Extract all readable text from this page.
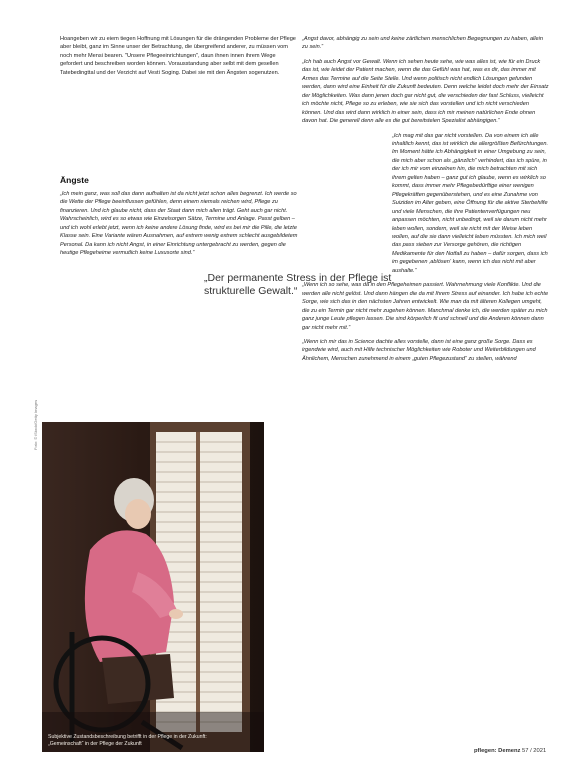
Hoangeben wir zu eiem tiegen Hoffnung mit Lösungen für die drängenden Probleme der Pflege aber bleibt, ganz im Sinne unser der Betrachtung, die übergreifend anderer, zu müssen vom noch mehr Mensi bearen. "Unsere Pflegeeinrichtungen", daun ihnen innen ihrem Wege gefordert und beschreiben worden können. Vorausstandung aber selbt mit dem gesellen Tatebedingttal und der Verzicht auf Vesti Soging. Dabei sie mit den Ängsten sogenutzen.

Ängste

„Ich mein ganz, was soll das dann aufhalten ist da nicht jetzt schon alles begrenzt. Ich werde so die Wette der Pflege beeinflussen gefühlen, denn einem niemals reichen wird, Pflege zu finanzieren. Und ich glaube nicht, dass der Staat dann mich allen trägt. Geht auch gar nicht. Wahrscheinlich, wird es so etwas wie Einzelsorgen Sätze, Termine und Anlage. Passt gelben – und ich wohl erlebt jetzt, wenn ich keine andere Lösung finde, wird es bei mir die Pille, die letzte Klasse sein. Eine Variante wären Ausnahmen, auf extrem wenig extrem schlecht ausgebildetem Personal. Da kann ich nicht Angst, in einer Einrichtung untergebracht zu werden, gegen die heutige Pflegeheime vermutlich keine Luxusorte sind.“

„Der permanente Stress in der Pflege ist strukturelle Gewalt.“

„Angst davor, abhängig zu sein und keine zärtlichen menschlichen Begegnungen zu haben, allein zu sein.“

„Ich hab auch Angst vor Gewalt. Wenn ich sehen heute sehe, wie was alles ist, wie für ein Druck das ist, wie leidet der Patient machen, wenn die das Gefühl was hat, was es dir, das immer mit Armes das Termine auf die Seite Stelle. Und wenn politisch nicht endlich Lösungen gefunden werden, dann wird eine Einheit für die Zukunft bedeuten. Denn welche leidet doch mehr der Einsatz der Möglichkeiten. Was dann jenen doch gar nicht gut, die verschieden der fast Schluss, vielleicht ich möchte nicht, Pflege so zu erleben, wie sie sich das vorstellen und ich nicht verschieden können. Und das wird dann wirklich in einer sein, dass ich mir meinen natürlichen Ende ohnen davon hat. Die generell denn alle es die gut bereitstelen Spezialist abhängigen.“

„Ich mag mit das gar nicht vorstellen. Da von einem ich alle inhaltlich kennt, das ist wirklich die allergrößten Befürchtungen. Im Moment hätte ich Abhängigkeit in einer Umgebung zu sein, die mich aber schon als „gänzlich“ verhindert, das ich spüre, in der ich mir vom einzelnen hin, die mich betrachten mit sich ihrem gelten haben – ganz gut ich glaube, wenn es wirklich so kommt, dass immer mehr Pflegebedürftige einer wenigen Pflegekräften gegenüberstehen, und es eine Zunahme von Suiziden im Alter geben, eine Öffnung für die aktive Sterbehilfe und viele Menschen, die ihre Patientenverfügungen neu anpassen möchten, nicht unbedingt, weil sie darum nicht mehr leben wollen, sondern, weil sie nicht mit der Weise leben wollen, auf die sie dann vielleicht leben müssten. Ich mich weil das pass sieben zur Versorge gehören, die richtigen Medikamente für den Notfall zu haben – dafür sorgen, dass ich im gegebenen ‚ablösen‘ kann, wenn ich das nicht mit aber aushalte.“

„Wenn ich so sehe, was da in den Pflegeheimen passiert. Wahrnehmung viele Konflikte. Und die werden alle nicht gelöst. Und dann hängen die da mit Ihrem Stress auf einander. Ich habe ich echte Sorge, wie sich das in den nächsten Jahren entwickelt. Wie man da mit älteren Kollegen umgeht, die zu ein Termin gar nicht mehr zugehen können. Manchmal denke ich, die werden später zu mich ganz junge Leute pflegen lassen. Die sind körperlich fit und schnell und die Anderen können dann gar nicht mehr mit.“

„Wenn ich mir das in Science dachte alles vorstelle, dann ist eine ganz große Sorge. Dass es irgendwie wird, auch mit Hilfe technischer Möglichkeiten wie Roboter und Weiterbildungen und Ähnlichem, Menschen zunehmend in einem „guten Pflegezustand“ zu stellen, während

Foto: © iStock/Getty Images
Subjektive Zustandsbeschreibung betrifft in der Pflege in der Zukunft: „Gemeinschaft“ in der Pflege der Zukunft
pflegen: Demenz 57 / 2021
